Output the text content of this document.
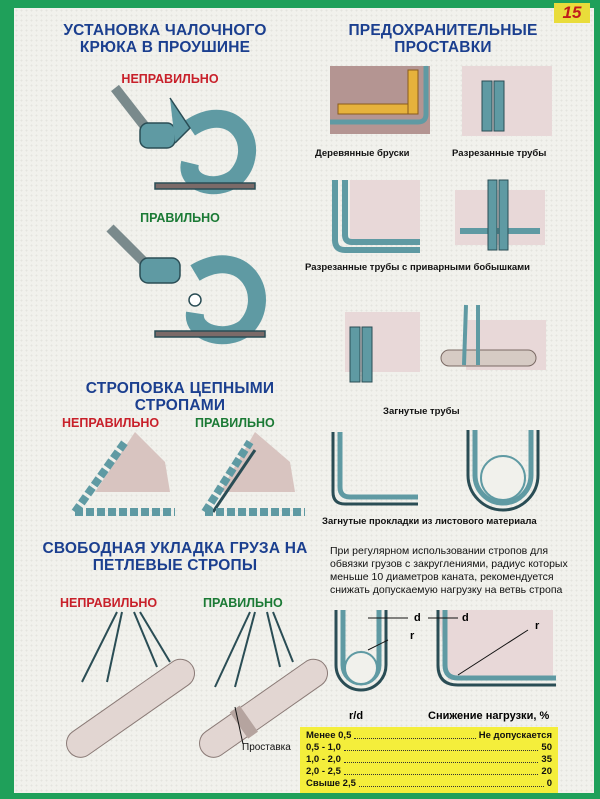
15
УСТАНОВКА ЧАЛОЧНОГО КРЮКА В ПРОУШИНЕ
НЕПРАВИЛЬНО
ПРАВИЛЬНО
ПРЕДОХРАНИТЕЛЬНЫЕ ПРОСТАВКИ
Деревянные бруски	Разрезанные трубы
Разрезанные трубы с приварными бобышками
Загнутые трубы
Загнутые прокладки из листового материала
СТРОПОВКА ЦЕПНЫМИ СТРОПАМИ
НЕПРАВИЛЬНО	ПРАВИЛЬНО
СВОБОДНАЯ УКЛАДКА ГРУЗА НА ПЕТЛЕВЫЕ СТРОПЫ
НЕПРАВИЛЬНО	ПРАВИЛЬНО
Проставка
При регулярном использовании стропов для обвязки грузов с закруглениями, радиус которых меньше 10 диаметров каната, рекомендуется снижать допускаемую нагрузку на ветвь стропа
d	d
r
r
r/d	Снижение нагрузки, %
Менее 0,5	Не допускается
0,5 - 1,0	50
1,0 - 2,0	35
2,0 - 2,5	20
Свыше 2,5	0
